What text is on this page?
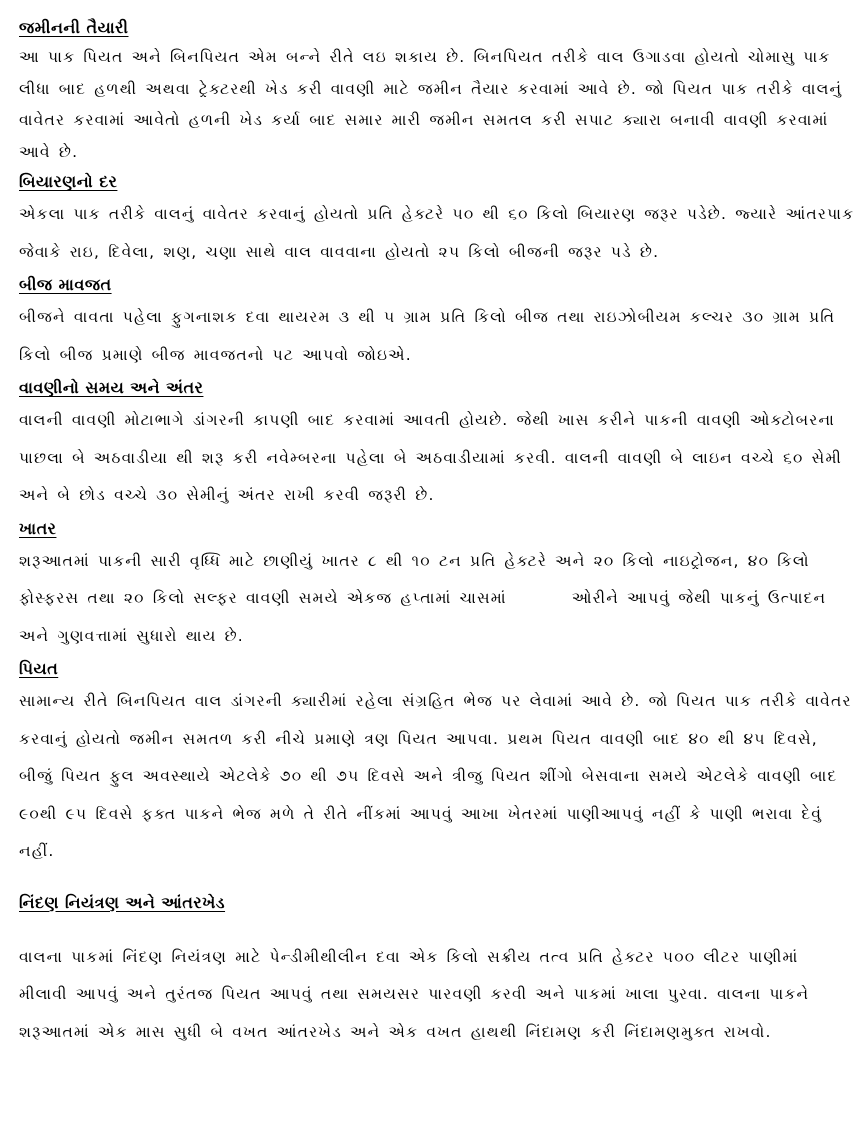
જમીનની તૈયારી

આ પાક પિયત અને બિનપિયત એમ બન્ને રીતે લઇ શકાય છે. બિનપિયત તરીકે વાલ ઉગાડવા હોયતો ચોમાસુ પાક લીધા બાદ હળથી અથવા ટ્રેક્ટરથી ખેડ કરી વાવણી માટે જમીન તૈયાર કરવામાં આવે છે. જો પિયત પાક તરીકે વાલનું વાવેતર કરવામાં આવેતો હળની ખેડ કર્યા બાદ સમાર મારી જમીન સમતલ કરી સપાટ ક્યારા બનાવી વાવણી કરવામાં આવે છે.

બિયારણનો દર

એકલા પાક તરીકે વાલનું વાવેતર કરવાનું હોયતો પ્રતિ હેક્ટરે ૫૦ થી ૬૦ કિલો બિયારણ જરૂર પડેછે. જ્યારે આંતરપાક જેવાકે રાઇ, દિવેલા, શણ, ચણા સાથે વાલ વાવવાના હોયતો ૨૫ કિલો બીજની જરૂર પડે છે.

બીજ માવજત

બીજને વાવતા પહેલા ફુગનાશક દવા થાયરમ ૩ થી ૫ ગ્રામ પ્રતિ કિલો બીજ તથા રાઇઝોબીયમ કલ્ચર ૩૦ ગ્રામ પ્રતિ કિલો બીજ પ્રમાણે બીજ માવજતનો પટ આપવો જોઇએ.

વાવણીનો સમય અને અંતર

વાલની વાવણી મોટાભાગે ડાંગરની કાપણી બાદ કરવામાં આવતી હોયછે. જેથી ખાસ કરીને પાકની વાવણી ઓક્ટોબરના પાછલા બે અઠવાડીયા થી શરૂ કરી નવેમ્બરના પહેલા બે અઠવાડીયામાં કરવી. વાલની વાવણી બે લાઇન વચ્ચે ૬૦ સેમી અને બે છોડ વચ્ચે ૩૦ સેમીનું અંતર રાખી કરવી જરૂરી છે.

ખાતર

શરૂઆતમાં પાકની સારી વૃધ્ધિ માટે છાણીયું ખાતર ૮ થી ૧૦ ટન પ્રતિ હેક્ટરે અને ૨૦ કિલો નાઇટ્રોજન, ૪૦ કિલો ફોસ્ફરસ તથા ૨૦ કિલો સલ્ફર વાવણી સમયે એકજ હપ્તામાં ચાસમાં        ઓરીને આપવું જેથી પાકનું ઉત્પાદન અને ગુણવત્તામાં સુધારો થાય છે.

પિયત

સામાન્ય રીતે બિનપિયત વાલ ડાંગરની ક્યારીમાં રહેલા સંગ્રહિત ભેજ પર લેવામાં આવે છે. જો પિયત પાક તરીકે વાવેતર કરવાનું હોયતો જમીન સમતળ કરી નીચે પ્રમાણે ત્રણ પિયત આપવા. પ્રથમ પિયત વાવણી બાદ ૪૦ થી ૪૫ દિવસે, બીજું પિયત ફુલ અવસ્થાયે એટલેકે ૭૦ થી ૭૫ દિવસે અને ત્રીજુ પિયત શીંગો બેસવાના સમયે એટલેકે વાવણી બાદ ૯૦થી ૯૫ દિવસે ફક્ત પાકને ભેજ મળે તે રીતે નીંકમાં આપવું આખા ખેતરમાં પાણીઆપવું નહીં કે પાણી ભરાવા દેવું નહીં.

નિંદણ નિયંત્રણ અને આંતરખેડ

વાલના પાકમાં નિંદણ નિયંત્રણ માટે પેન્ડીમીથીલીન દવા એક કિલો સક્રીય તત્વ પ્રતિ હેક્ટર ૫૦૦ લીટર પાણીમાં મીલાવી આપવું અને તુરંતજ પિયત આપવું તથા સમયસર પારવણી કરવી અને પાકમાં ખાલા પુરવા. વાલના પાકને શરૂઆતમાં એક માસ સુધી બે વખત આંતરખેડ અને એક વખત હાથથી નિંદામણ કરી નિંદામણમુક્ત રાખવો.
